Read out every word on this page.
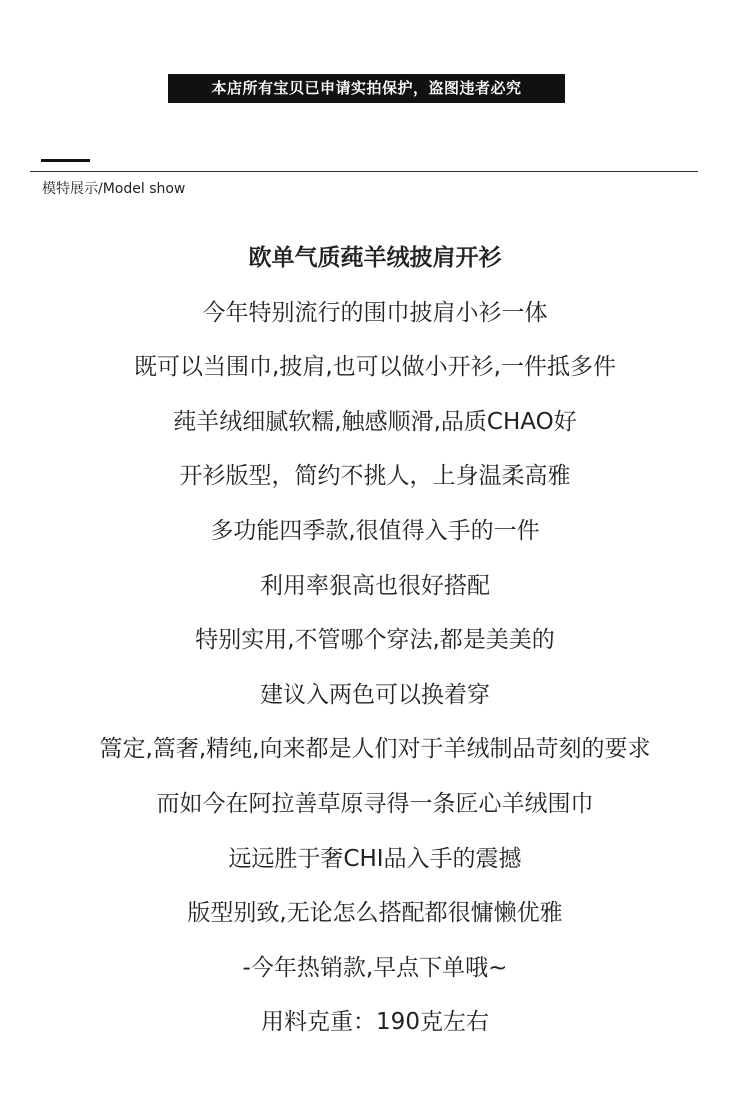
本店所有宝贝已申请实拍保护，盗图违者必究
模特展示/Model show
欧单气质莼羊绒披肩开衫
今年特别流行的围巾披肩小衫一体
既可以当围巾,披肩,也可以做小开衫,一件抵多件
莼羊绒细腻软糯,触感顺滑,品质CHAO好
开衫版型，简约不挑人，上身温柔高雅
多功能四季款,很值得入手的一件
利用率狠高也很好搭配
特别实用,不管哪个穿法,都是美美的
建议入两色可以换着穿
篙定,篙奢,精纯,向来都是人们对于羊绒制品苛刻的要求
而如今在阿拉善草原寻得一条匠心羊绒围巾
远远胜于奢CHI品入手的震撼
版型别致,无论怎么搭配都很慵懒优雅
-今年热销款,早点下单哦~
用料克重：190克左右
